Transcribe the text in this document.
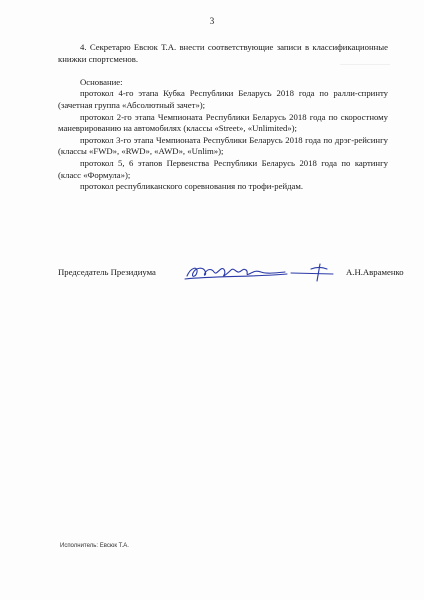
3

4. Секретарю Евсюк Т.А. внести соответствующие записи в классификационные книжки спортсменов.

Основание:

протокол 4-го этапа Кубка Республики Беларусь 2018 года по ралли-спринту (зачетная группа «Абсолютный зачет»);

протокол 2-го этапа Чемпионата Республики Беларусь 2018 года по скоростному маневрированию на автомобилях (классы «Street», «Unlimited»);

протокол 3-го этапа Чемпионата Республики Беларусь 2018 года по дрэг-рейсингу (классы «FWD», «RWD», «AWD», «Unlim»);

протокол 5, 6 этапов Первенства Республики Беларусь 2018 года по картингу (класс «Формула»);

протокол республиканского соревнования по трофи-рейдам.

Председатель Президиума	А.Н.Авраменко
Исполнитель: Евсюк Т.А.
